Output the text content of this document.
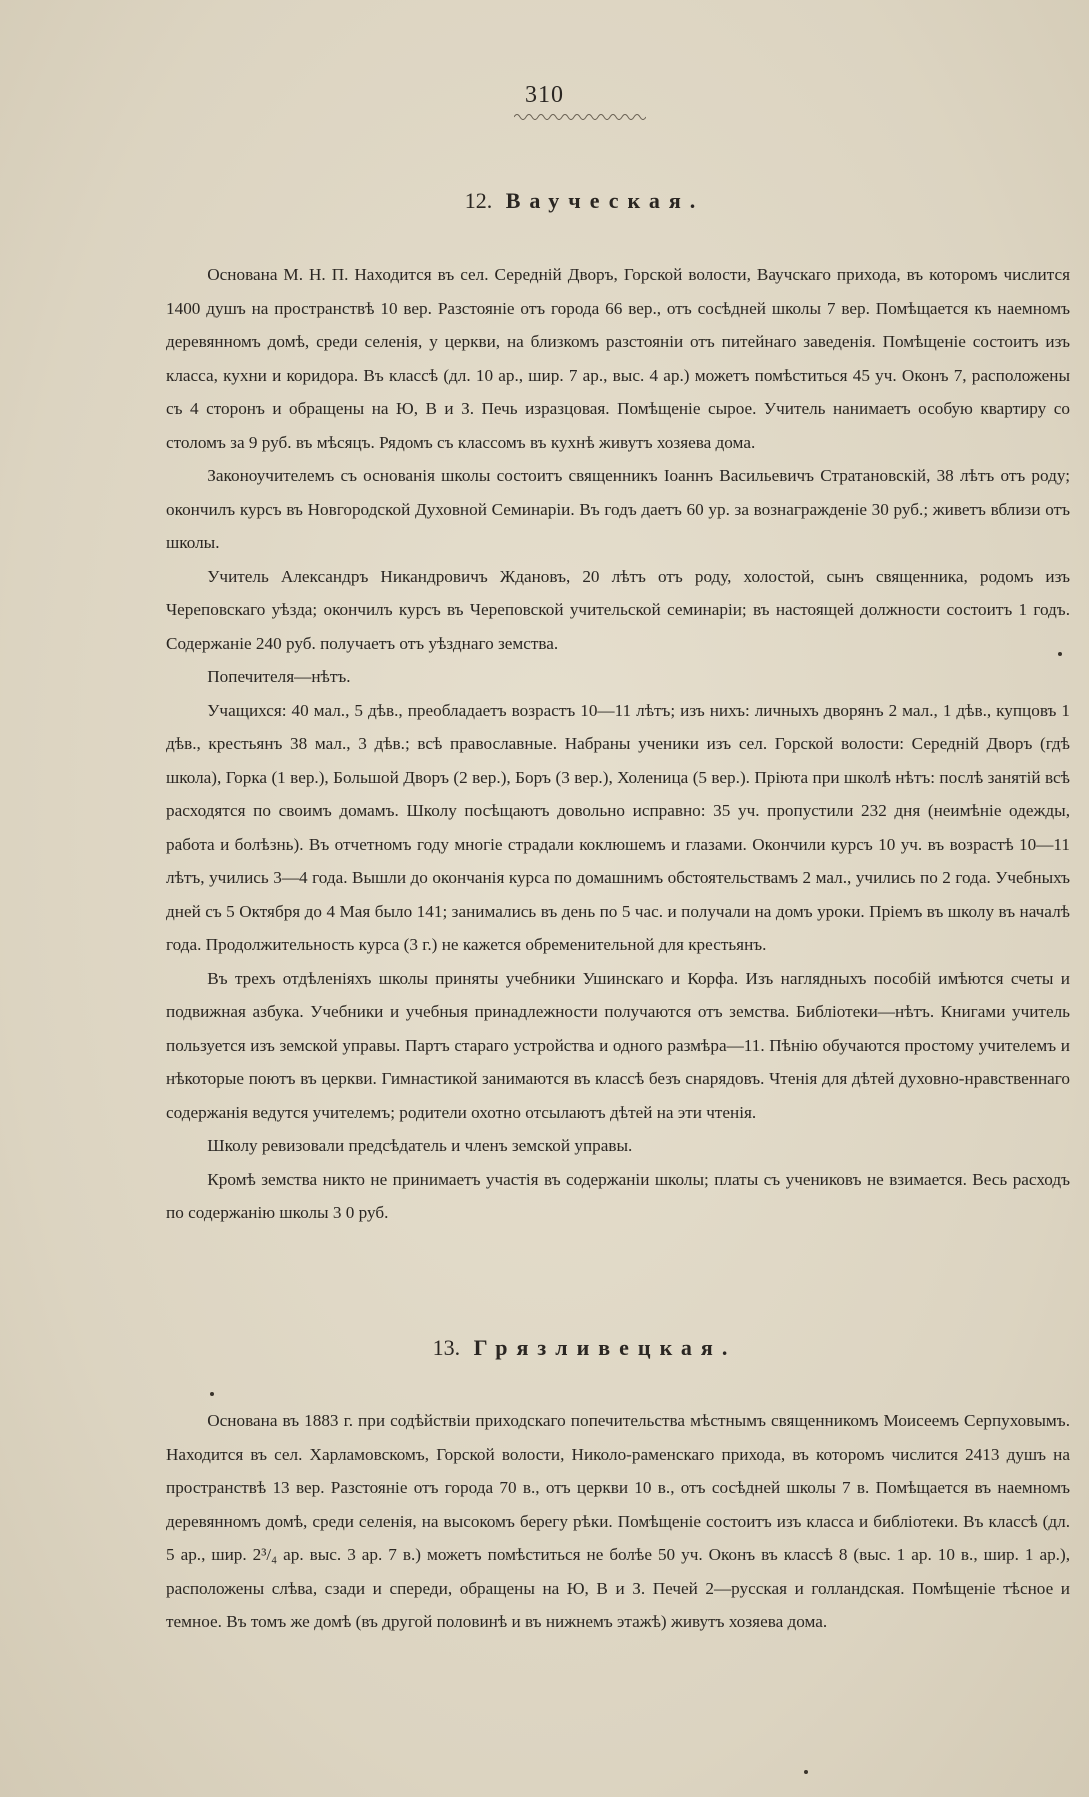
310
12. Вауческая.

Основана М. Н. П. Находится въ сел. Середній Дворъ, Горской волости, Ваучскаго прихода, въ которомъ числится 1400 душъ на пространствѣ 10 вер. Разстояніе отъ города 66 вер., отъ сосѣдней школы 7 вер. Помѣщается къ наемномъ деревянномъ домѣ, среди селенія, у церкви, на близкомъ разстояніи отъ питейнаго заведенія. Помѣщеніе состоитъ изъ класса, кухни и коридора. Въ классѣ (дл. 10 ар., шир. 7 ар., выс. 4 ар.) можетъ помѣститься 45 уч. Оконъ 7, расположены съ 4 сторонъ и обращены на Ю, В и З. Печь изразцовая. Помѣщеніе сырое. Учитель нанимаетъ особую квартиру со столомъ за 9 руб. въ мѣсяцъ. Рядомъ съ классомъ въ кухнѣ живутъ хозяева дома.

Законоучителемъ съ основанія школы состоитъ священникъ Іоаннъ Васильевичъ Стратановскій, 38 лѣтъ отъ роду; окончилъ курсъ въ Новгородской Духовной Семинаріи. Въ годъ даетъ 60 ур. за вознагражденіе 30 руб.; живетъ вблизи отъ школы.

Учитель Александръ Никандровичъ Ждановъ, 20 лѣтъ отъ роду, холостой, сынъ священника, родомъ изъ Череповскаго уѣзда; окончилъ курсъ въ Череповской учительской семинаріи; въ настоящей должности состоитъ 1 годъ. Содержаніе 240 руб. получаетъ отъ уѣзднаго земства.

Попечителя—нѣтъ.

Учащихся: 40 мал., 5 дѣв., преобладаетъ возрастъ 10—11 лѣтъ; изъ нихъ: личныхъ дворянъ 2 мал., 1 дѣв., купцовъ 1 дѣв., крестьянъ 38 мал., 3 дѣв.; всѣ православные. Набраны ученики изъ сел. Горской волости: Середній Дворъ (гдѣ школа), Горка (1 вер.), Большой Дворъ (2 вер.), Боръ (3 вер.), Холеница (5 вер.). Пріюта при школѣ нѣтъ: послѣ занятій всѣ расходятся по своимъ домамъ. Школу посѣщаютъ довольно исправно: 35 уч. пропустили 232 дня (неимѣніе одежды, работа и болѣзнь). Въ отчетномъ году многіе страдали коклюшемъ и глазами. Окончили курсъ 10 уч. въ возрастѣ 10—11 лѣтъ, учились 3—4 года. Вышли до окончанія курса по домашнимъ обстоятельствамъ 2 мал., учились по 2 года. Учебныхъ дней съ 5 Октября до 4 Мая было 141; занимались въ день по 5 час. и получали на домъ уроки. Пріемъ въ школу въ началѣ года. Продолжительность курса (3 г.) не кажется обременительной для крестьянъ.

Въ трехъ отдѣленіяхъ школы приняты учебники Ушинскаго и Корфа. Изъ наглядныхъ пособій имѣются счеты и подвижная азбука. Учебники и учебныя принадлежности получаются отъ земства. Библіотеки—нѣтъ. Книгами учитель пользуется изъ земской управы. Партъ стараго устройства и одного размѣра—11. Пѣнію обучаются простому учителемъ и нѣкоторые поютъ въ церкви. Гимнастикой занимаются въ классѣ безъ снарядовъ. Чтенія для дѣтей духовно-нравственнаго содержанія ведутся учителемъ; родители охотно отсылаютъ дѣтей на эти чтенія.

Школу ревизовали предсѣдатель и членъ земской управы.

Кромѣ земства никто не принимаетъ участія въ содержаніи школы; платы съ учениковъ не взимается. Весь расходъ по содержанію школы 3 0 руб.

13. Грязливецкая.

Основана въ 1883 г. при содѣйствіи приходскаго попечительства мѣстнымъ священникомъ Моисеемъ Серпуховымъ. Находится въ сел. Харламовскомъ, Горской волости, Николо-раменскаго прихода, въ которомъ числится 2413 душъ на пространствѣ 13 вер. Разстояніе отъ города 70 в., отъ церкви 10 в., отъ сосѣдней школы 7 в. Помѣщается въ наемномъ деревянномъ домѣ, среди селенія, на высокомъ берегу рѣки. Помѣщеніе состоитъ изъ класса и библіотеки. Въ классѣ (дл. 5 ар., шир. 2³/₄ ар. выс. 3 ар. 7 в.) можетъ помѣститься не болѣе 50 уч. Оконъ въ классѣ 8 (выс. 1 ар. 10 в., шир. 1 ар.), расположены слѣва, сзади и спереди, обращены на Ю, В и З. Печей 2—русская и голландская. Помѣщеніе тѣсное и темное. Въ томъ же домѣ (въ другой половинѣ и въ нижнемъ этажѣ) живутъ хозяева дома.
